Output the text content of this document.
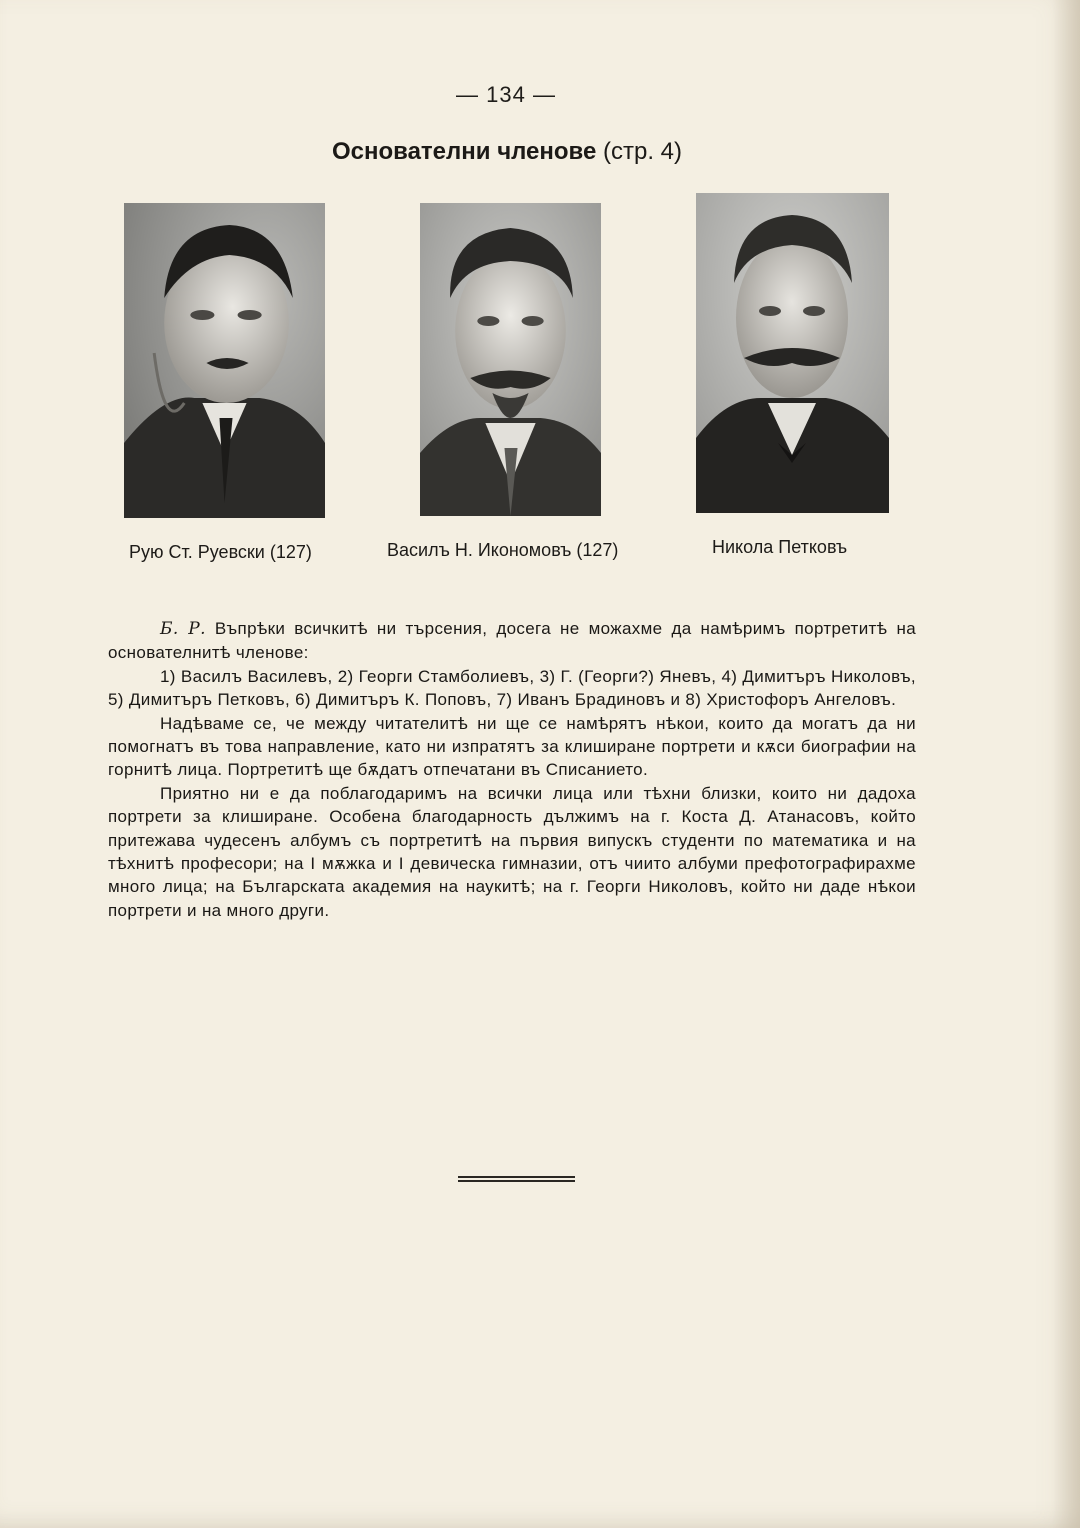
— 134 —
Основателни членове (стр. 4)
Рую Ст. Руевски (127)	Василъ Н. Икономовъ (127)	Никола Петковъ

Б. Р. Въпрѣки всичкитѣ ни търсения, досега не можахме да намѣримъ портретитѣ на основателнитѣ членове:

1) Василъ Василевъ, 2) Георги Стамболиевъ, 3) Г. (Георги?) Яневъ, 4) Димитъръ Николовъ, 5) Димитъръ Петковъ, 6) Димитъръ К. Поповъ, 7) Иванъ Брадиновъ и 8) Христофоръ Ангеловъ.

Надѣваме се, че между читателитѣ ни ще се намѣрятъ нѣкои, които да могатъ да ни помогнатъ въ това направление, като ни изпратятъ за клиширане портрети и кѫси биографии на горнитѣ лица. Портретитѣ ще бѫдатъ отпечатани въ Списанието.

Приятно ни е да поблагодаримъ на всички лица или тѣхни близки, които ни дадоха портрети за клиширане. Особена благодарность дължимъ на г. Коста Д. Атанасовъ, който притежава чудесенъ албумъ съ портретитѣ на първия випускъ студенти по математика и на тѣхнитѣ професори; на I мѫжка и I девическа гимназии, отъ чиито албуми префотографирахме много лица; на Българската академия на наукитѣ; на г. Георги Николовъ, който ни даде нѣкои портрети и на много други.
